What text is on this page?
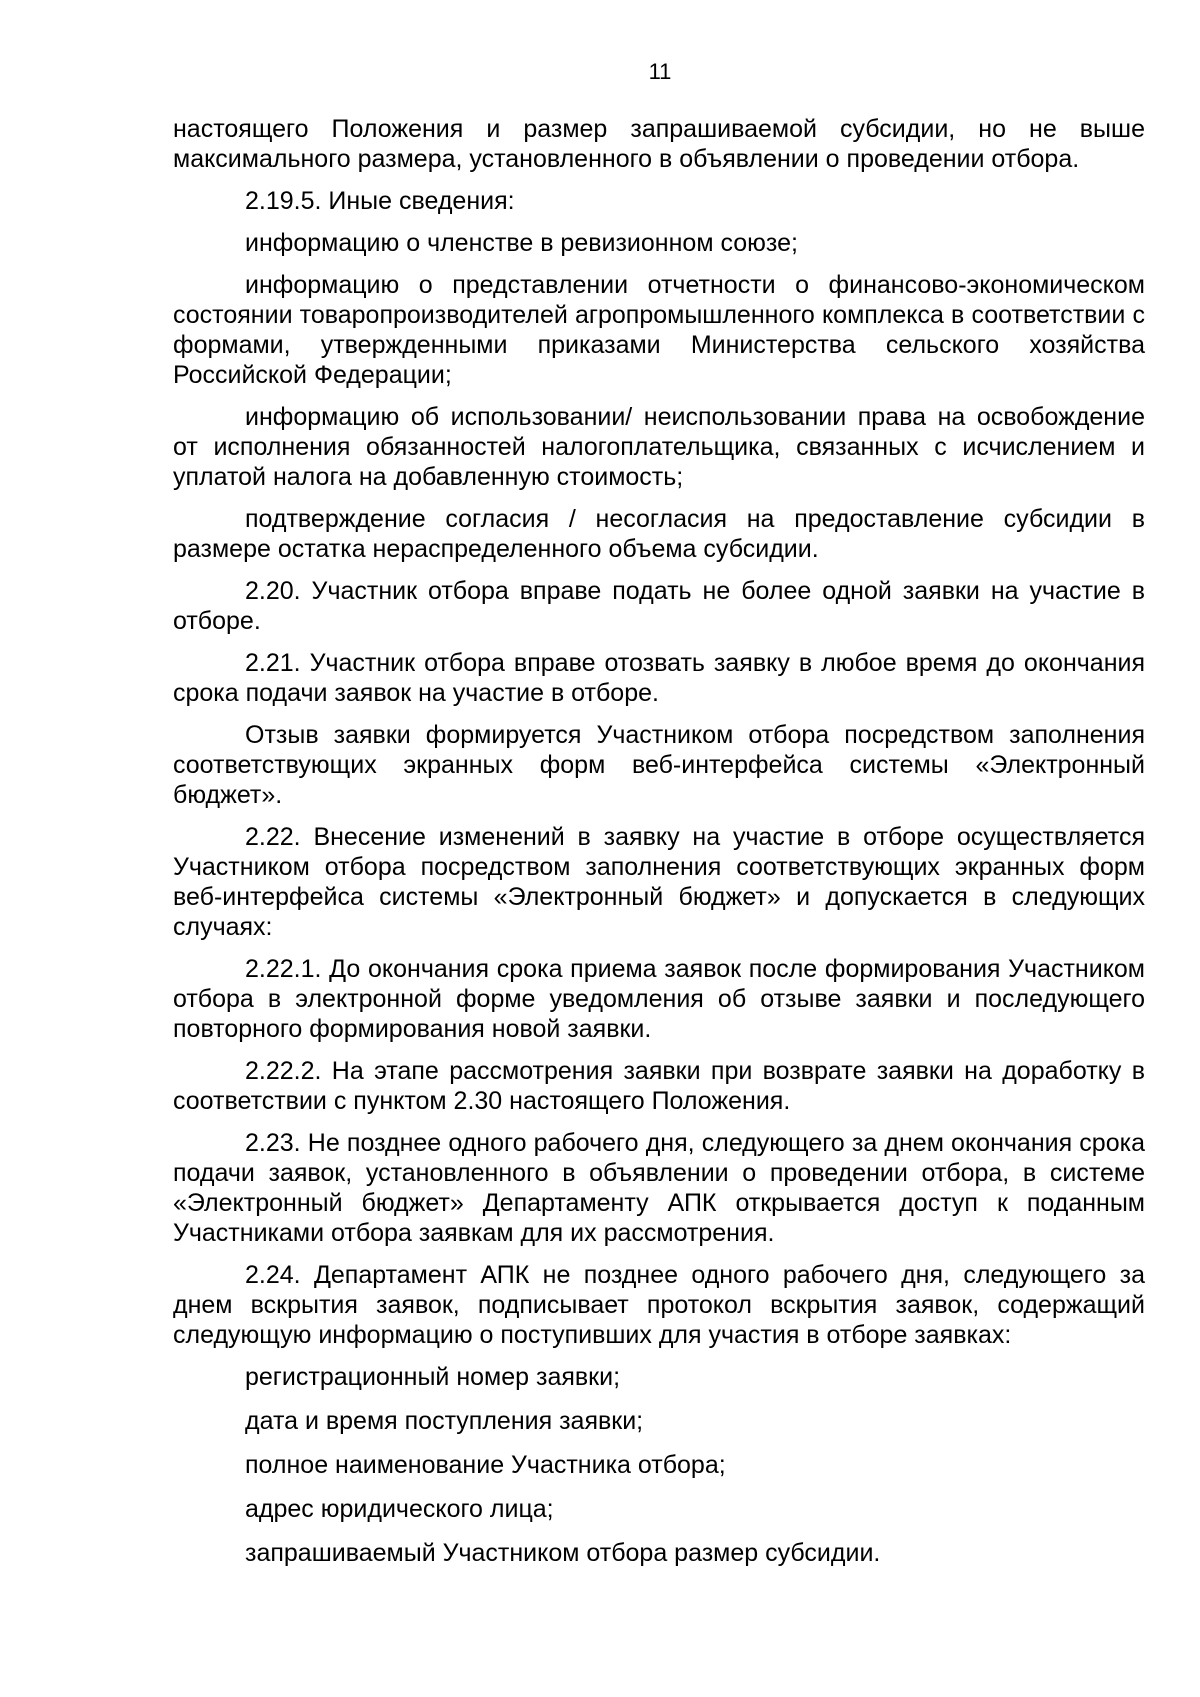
11

настоящего Положения и размер запрашиваемой субсидии, но не выше максимального размера, установленного в объявлении о проведении отбора.

2.19.5. Иные сведения:

информацию о членстве в ревизионном союзе;

информацию о представлении отчетности о финансово-экономическом состоянии товаропроизводителей агропромышленного комплекса в соответствии с формами, утвержденными приказами Министерства сельского хозяйства Российской Федерации;

информацию об использовании/ неиспользовании права на освобождение от исполнения обязанностей налогоплательщика, связанных с исчислением и уплатой налога на добавленную стоимость;

подтверждение согласия / несогласия на предоставление субсидии в размере остатка нераспределенного объема субсидии.

2.20. Участник отбора вправе подать не более одной заявки на участие в отборе.

2.21. Участник отбора вправе отозвать заявку в любое время до окончания срока подачи заявок на участие в отборе.

Отзыв заявки формируется Участником отбора посредством заполнения соответствующих экранных форм веб-интерфейса системы «Электронный бюджет».

2.22. Внесение изменений в заявку на участие в отборе осуществляется Участником отбора посредством заполнения соответствующих экранных форм веб-интерфейса системы «Электронный бюджет» и допускается в следующих случаях:

2.22.1. До окончания срока приема заявок после формирования Участником отбора в электронной форме уведомления об отзыве заявки и последующего повторного формирования новой заявки.

2.22.2. На этапе рассмотрения заявки при возврате заявки на доработку в соответствии с пунктом 2.30 настоящего Положения.

2.23. Не позднее одного рабочего дня, следующего за днем окончания срока подачи заявок, установленного в объявлении о проведении отбора, в системе «Электронный бюджет» Департаменту АПК открывается доступ к поданным Участниками отбора заявкам для их рассмотрения.

2.24. Департамент АПК не позднее одного рабочего дня, следующего за днем вскрытия заявок, подписывает протокол вскрытия заявок, содержащий следующую информацию о поступивших для участия в отборе заявках:

регистрационный номер заявки;

дата и время поступления заявки;

полное наименование Участника отбора;

адрес юридического лица;

запрашиваемый Участником отбора размер субсидии.
